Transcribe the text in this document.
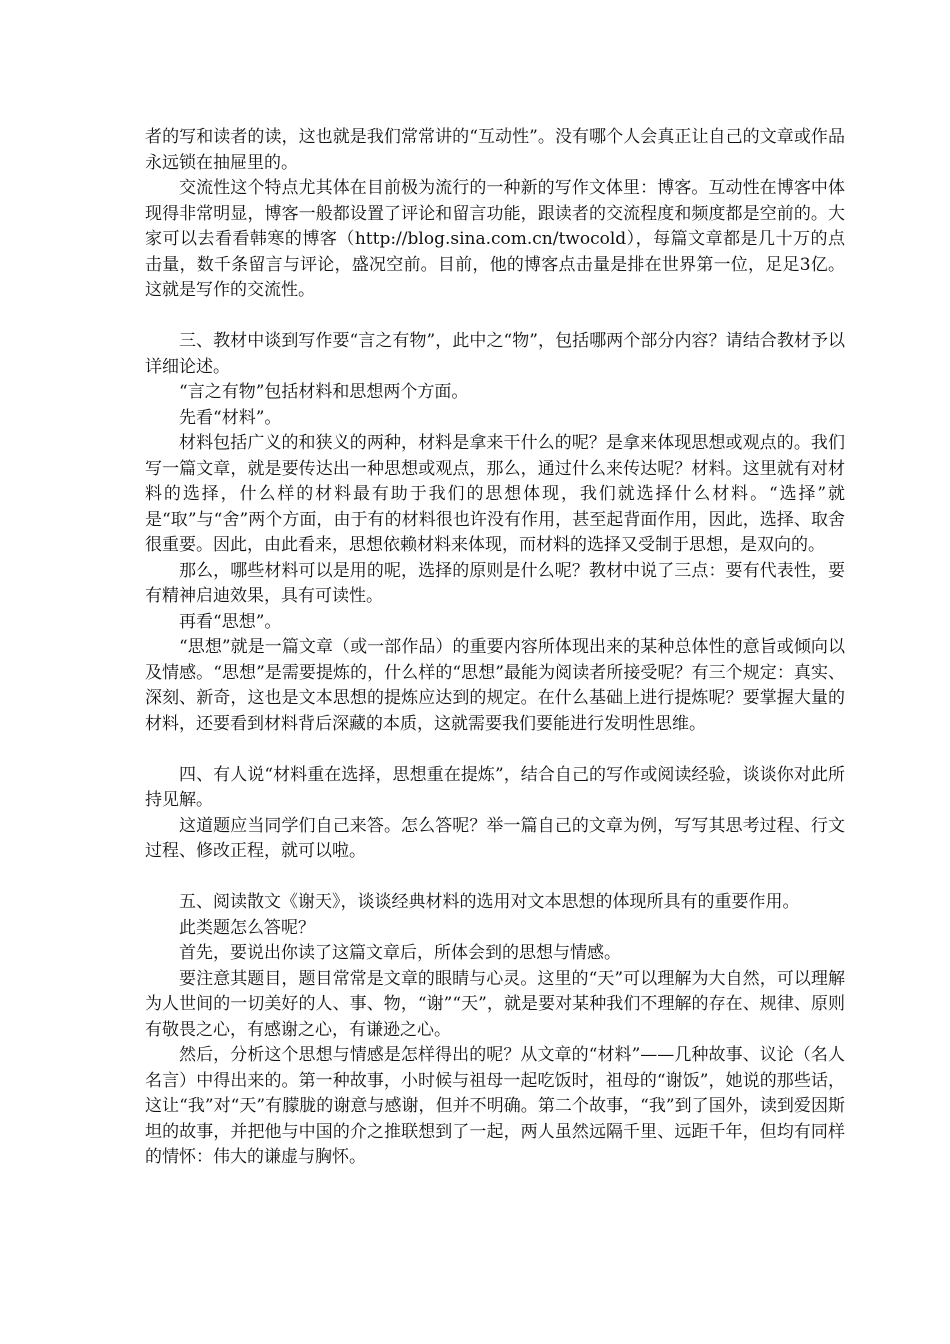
者的写和读者的读，这也就是我们常常讲的“互动性”。没有哪个人会真正让自己的文章或作品永远锁在抽屉里的。

交流性这个特点尤其体在目前极为流行的一种新的写作文体里：博客。互动性在博客中体现得非常明显，博客一般都设置了评论和留言功能，跟读者的交流程度和频度都是空前的。大家可以去看看韩寒的博客（http://blog.sina.com.cn/twocold），每篇文章都是几十万的点击量，数千条留言与评论，盛况空前。目前，他的博客点击量是排在世界第一位，足足3亿。这就是写作的交流性。

三、教材中谈到写作要“言之有物”，此中之“物”，包括哪两个部分内容？请结合教材予以详细论述。

“言之有物”包括材料和思想两个方面。

先看“材料”。

材料包括广义的和狭义的两种，材料是拿来干什么的呢？是拿来体现思想或观点的。我们写一篇文章，就是要传达出一种思想或观点，那么，通过什么来传达呢？材料。这里就有对材料的选择，什么样的材料最有助于我们的思想体现，我们就选择什么材料。“选择”就是“取”与“舍”两个方面，由于有的材料很也许没有作用，甚至起背面作用，因此，选择、取舍很重要。因此，由此看来，思想依赖材料来体现，而材料的选择又受制于思想，是双向的。

那么，哪些材料可以是用的呢，选择的原则是什么呢？教材中说了三点：要有代表性，要有精神启迪效果，具有可读性。

再看“思想”。

“思想”就是一篇文章（或一部作品）的重要内容所体现出来的某种总体性的意旨或倾向以及情感。“思想”是需要提炼的，什么样的“思想”最能为阅读者所接受呢？有三个规定：真实、深刻、新奇，这也是文本思想的提炼应达到的规定。在什么基础上进行提炼呢？要掌握大量的材料，还要看到材料背后深藏的本质，这就需要我们要能进行发明性思维。

四、有人说“材料重在选择，思想重在提炼”，结合自己的写作或阅读经验，谈谈你对此所持见解。

这道题应当同学们自己来答。怎么答呢？举一篇自己的文章为例，写写其思考过程、行文过程、修改正程，就可以啦。

五、阅读散文《谢天》，谈谈经典材料的选用对文本思想的体现所具有的重要作用。

此类题怎么答呢？

首先，要说出你读了这篇文章后，所体会到的思想与情感。

要注意其题目，题目常常是文章的眼睛与心灵。这里的“天”可以理解为大自然，可以理解为人世间的一切美好的人、事、物，“谢”“天”，就是要对某种我们不理解的存在、规律、原则有敬畏之心，有感谢之心，有谦逊之心。

然后，分析这个思想与情感是怎样得出的呢？从文章的“材料”——几种故事、议论（名人名言）中得出来的。第一种故事，小时候与祖母一起吃饭时，祖母的“谢饭”，她说的那些话，这让“我”对“天”有朦胧的谢意与感谢，但并不明确。第二个故事，“我”到了国外，读到爱因斯坦的故事，并把他与中国的介之推联想到了一起，两人虽然远隔千里、远距千年，但均有同样的情怀：伟大的谦虚与胸怀。
